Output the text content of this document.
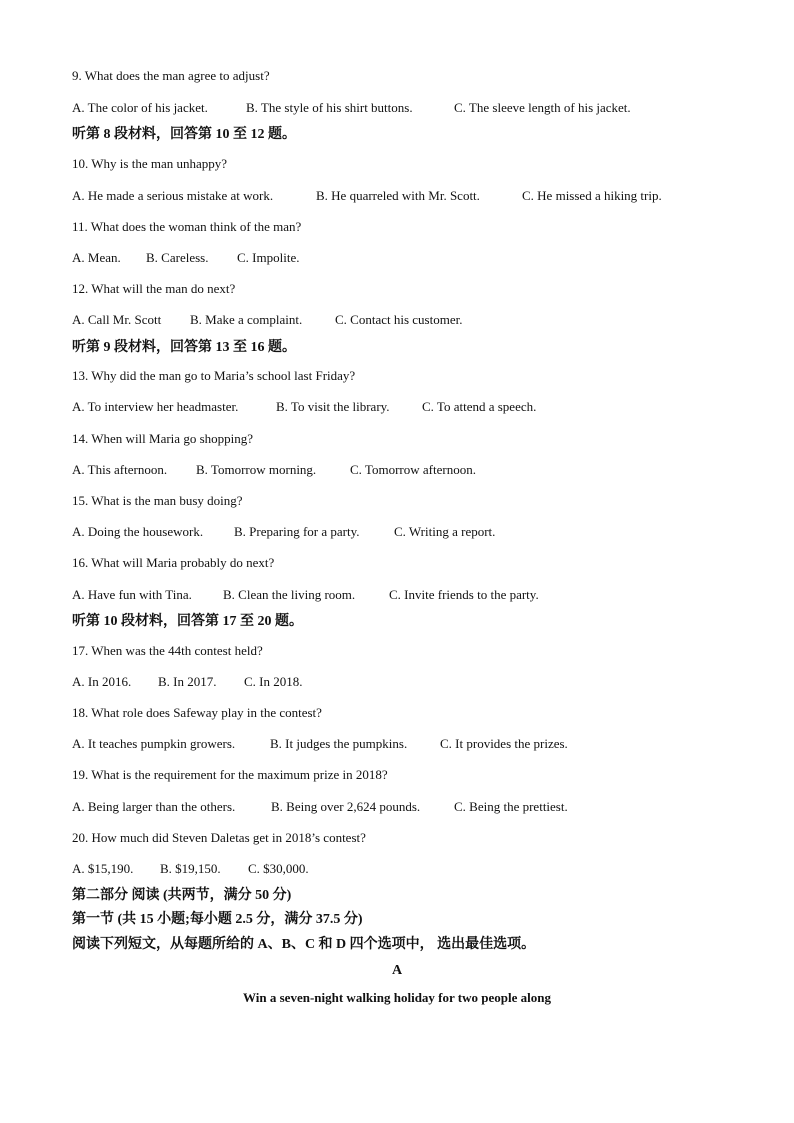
9. What does the man agree to adjust?
A. The color of his jacket.	B. The style of his shirt buttons.	C. The sleeve length of his jacket.
听第 8 段材料，回答第 10 至 12 题。
10. Why is the man unhappy?
A. He made a serious mistake at work.	B. He quarreled with Mr. Scott.	C. He missed a hiking trip.
11. What does the woman think of the man?
A. Mean. B. Careless. C. Impolite.
12. What will the man do next?
A. Call Mr. Scott B. Make a complaint.	C. Contact his customer.
听第 9 段材料，回答第 13 至 16 题。
13. Why did the man go to Maria’s school last Friday?
A. To interview her headmaster.	B. To visit the library. C. To attend a speech.
14. When will Maria go shopping?
A. This afternoon. B. Tomorrow morning.	C. Tomorrow afternoon.
15. What is the man busy doing?
A. Doing the housework. B. Preparing for a party.	C. Writing a report.
16. What will Maria probably do next?
A. Have fun with Tina. B. Clean the living room.	C. Invite friends to the party.
听第 10 段材料，回答第 17 至 20 题。
17. When was the 44th contest held?
A. In 2016. B. In 2017. C. In 2018.
18. What role does Safeway play in the contest?
A. It teaches pumpkin growers.	B. It judges the pumpkins.	C. It provides the prizes.
19. What is the requirement for the maximum prize in 2018?
A. Being larger than the others.	B. Being over 2,624 pounds.	C. Being the prettiest.
20. How much did Steven Daletas get in 2018’s contest?
A. $15,190. B. $19,150. C. $30,000.
第二部分 阅读 (共两节，满分 50 分)
第一节 (共 15 小题;每小题 2.5 分，满分 37.5 分)
阅读下列短文，从每题所给的 A、B、C 和 D 四个选项中， 选出最佳选项。
A
Win a seven-night walking holiday for two people along
